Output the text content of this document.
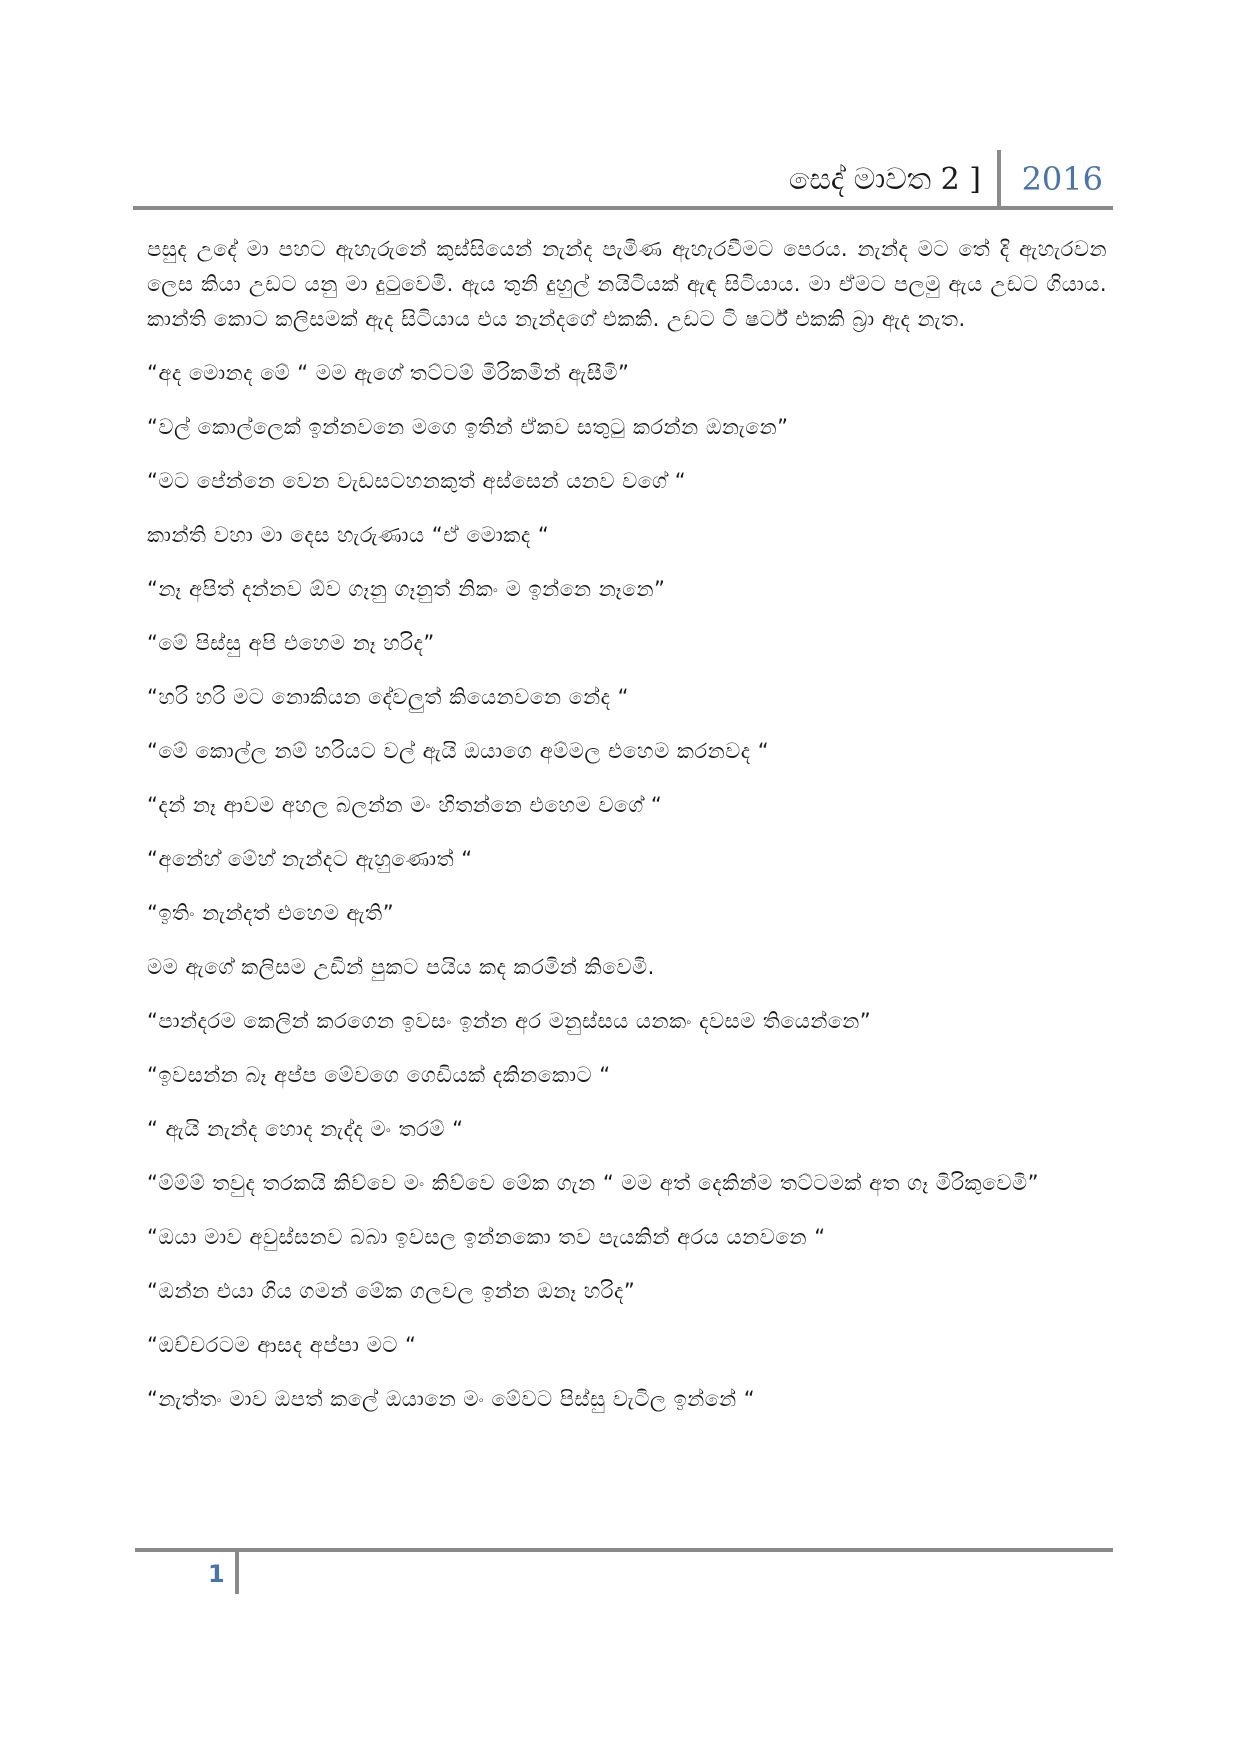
සෙද් මාවත 2 ] 2016

පසුද උදේ මා පහට ඇහැරුනේ කුස්සියෙන් නැන්ද පැමිණ ඇහැරවීමට පෙරය. නැන්ද මට තේ දි ඇහැරවන ලෙස කියා උඩට යනු මා දුටුවෙමි. ඇය තුනි දුහුල් නයිටියක් ඇඳ සිටියාය. මා ඒමට පලමු ඇය උඩට ගියාය. කාන්ති කොට කලිසමක් ඇද සිටියාය එය නැන්දගේ එකකි. උඩට ටි ෂර්ට් එකකි බ්‍රා ඇද නැත.

“අද මොනද මේ “ මම ඇගේ තට්ටම් මිරිකමින් ඇසීමි”

“වල් කොල්ලෙක් ඉන්නවනෙ මගෙ ඉතින් ඒකව සතුටු කරන්න ඔනැනෙ”

“මට පේන්නෙ වෙන වැඩසටහනකුත් අස්සෙන් යනව වගේ “

කාන්ති වහා මා දෙස හැරුණාය “ඒ මොකද “

“නෑ අපිත් දන්නව ඕව ගෑනු ගෑනුත් නිකං ම ඉන්නෙ නෑනෙ”

“මේ පිස්සු අපි එහෙම නෑ හරිද”

“හරි හරි මට නොකියන දේවලුත් කියෙනවනෙ නේද “

“මේ කොල්ල නම් හරියට වල් ඇයි ඔයාගෙ අම්මල එහෙම කරනවද “

“දන් නෑ ආවම අහල බලන්න මං හිතන්නෙ එහෙම වගේ “

“අනේහ් මේහ් නැන්දට ඇහුණොත් “

“ඉතිං නැන්දත් එහෙම ඇති”

මම ඇගේ කලිසම උඩින් පුකට පයිය කද කරමින් කිවෙමි.

“පාන්දරම කෙලින් කරගෙන ඉවසං ඉන්න අර මනුස්සය යනකං දවසම තියෙන්නෙ”

“ඉවසන්න බෑ අප්ප මේවගෙ ගෙඩියක් දකිනකොට “

“ ඇයි නැන්ද හොද නැද්ද මං තරම් “

“ම්ම්ම් තවුද තරකයි කිව්වෙ මං කිව්වෙ මේක ගැන “ මම අත් දෙකින්ම තට්ටමක් අත ගෑ මිරිකුවෙමි”

“ඔයා මාව අවුස්සනව බබා ඉවසල ඉන්නකො තව පැයකින් අරය යනවනෙ “

“ඔන්න එයා ගිය ගමන් මේක ගලවල ඉන්න ඔනෑ හරිද”

“ඔච්චරටම ආසද අප්පා මට “

“නැත්තං මාව ඔපත් කලේ ඔයානෙ මං මේවට පිස්සු වැටිල ඉන්නේ “

1
